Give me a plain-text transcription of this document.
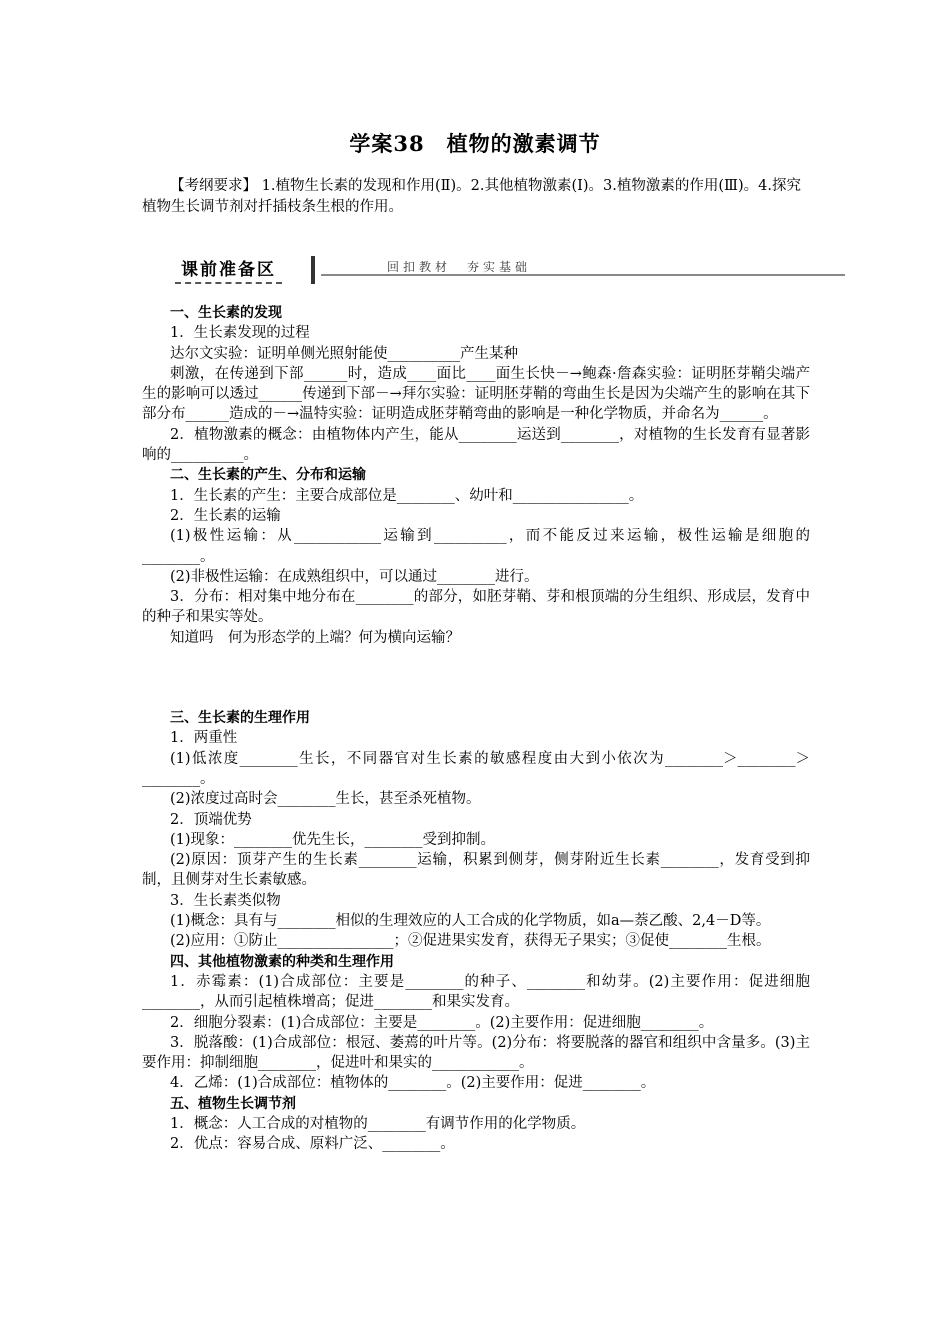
学案38　植物的激素调节
【考纲要求】 1.植物生长素的发现和作用(Ⅱ)。2.其他植物激素(Ⅰ)。3.植物激素的作用(Ⅲ)。4.探究植物生长调节剂对扦插枝条生根的作用。
课前准备区	回扣教材　夯实基础

一、生长素的发现

1．生长素发现的过程

达尔文实验：证明单侧光照射能使__________产生某种

刺激，在传递到下部______时，造成____面比____面生长快－→鲍森·詹森实验：证明胚芽鞘尖端产生的影响可以透过______传递到下部－→拜尔实验：证明胚芽鞘的弯曲生长是因为尖端产生的影响在其下部分布______造成的－→温特实验：证明造成胚芽鞘弯曲的影响是一种化学物质，并命名为______。

2．植物激素的概念：由植物体内产生，能从________运送到________，对植物的生长发育有显著影响的__________。

二、生长素的产生、分布和运输

1．生长素的产生：主要合成部位是________、幼叶和________________。

2．生长素的运输

(1)极性运输：从____________运输到__________，而不能反过来运输，极性运输是细胞的________。

(2)非极性运输：在成熟组织中，可以通过________进行。

3．分布：相对集中地分布在________的部分，如胚芽鞘、芽和根顶端的分生组织、形成层，发育中的种子和果实等处。

知道吗　何为形态学的上端？何为横向运输？

三、生长素的生理作用

1．两重性

(1)低浓度________生长，不同器官对生长素的敏感程度由大到小依次为________＞________＞________。

(2)浓度过高时会________生长，甚至杀死植物。

2．顶端优势

(1)现象：________优先生长，________受到抑制。

(2)原因：顶芽产生的生长素________运输，积累到侧芽，侧芽附近生长素________，发育受到抑制，且侧芽对生长素敏感。

3．生长素类似物

(1)概念：具有与________相似的生理效应的人工合成的化学物质，如a—萘乙酸、2,4－D等。

(2)应用：①防止________________；②促进果实发育，获得无子果实；③促使________生根。

四、其他植物激素的种类和生理作用

1．赤霉素：(1)合成部位：主要是________的种子、________和幼芽。(2)主要作用：促进细胞________，从而引起植株增高；促进________和果实发育。

2．细胞分裂素：(1)合成部位：主要是________。(2)主要作用：促进细胞________。

3．脱落酸：(1)合成部位：根冠、萎蔫的叶片等。(2)分布：将要脱落的器官和组织中含量多。(3)主要作用：抑制细胞________，促进叶和果实的____________。

4．乙烯：(1)合成部位：植物体的________。(2)主要作用：促进________。

五、植物生长调节剂

1．概念：人工合成的对植物的________有调节作用的化学物质。

2．优点：容易合成、原料广泛、________。
